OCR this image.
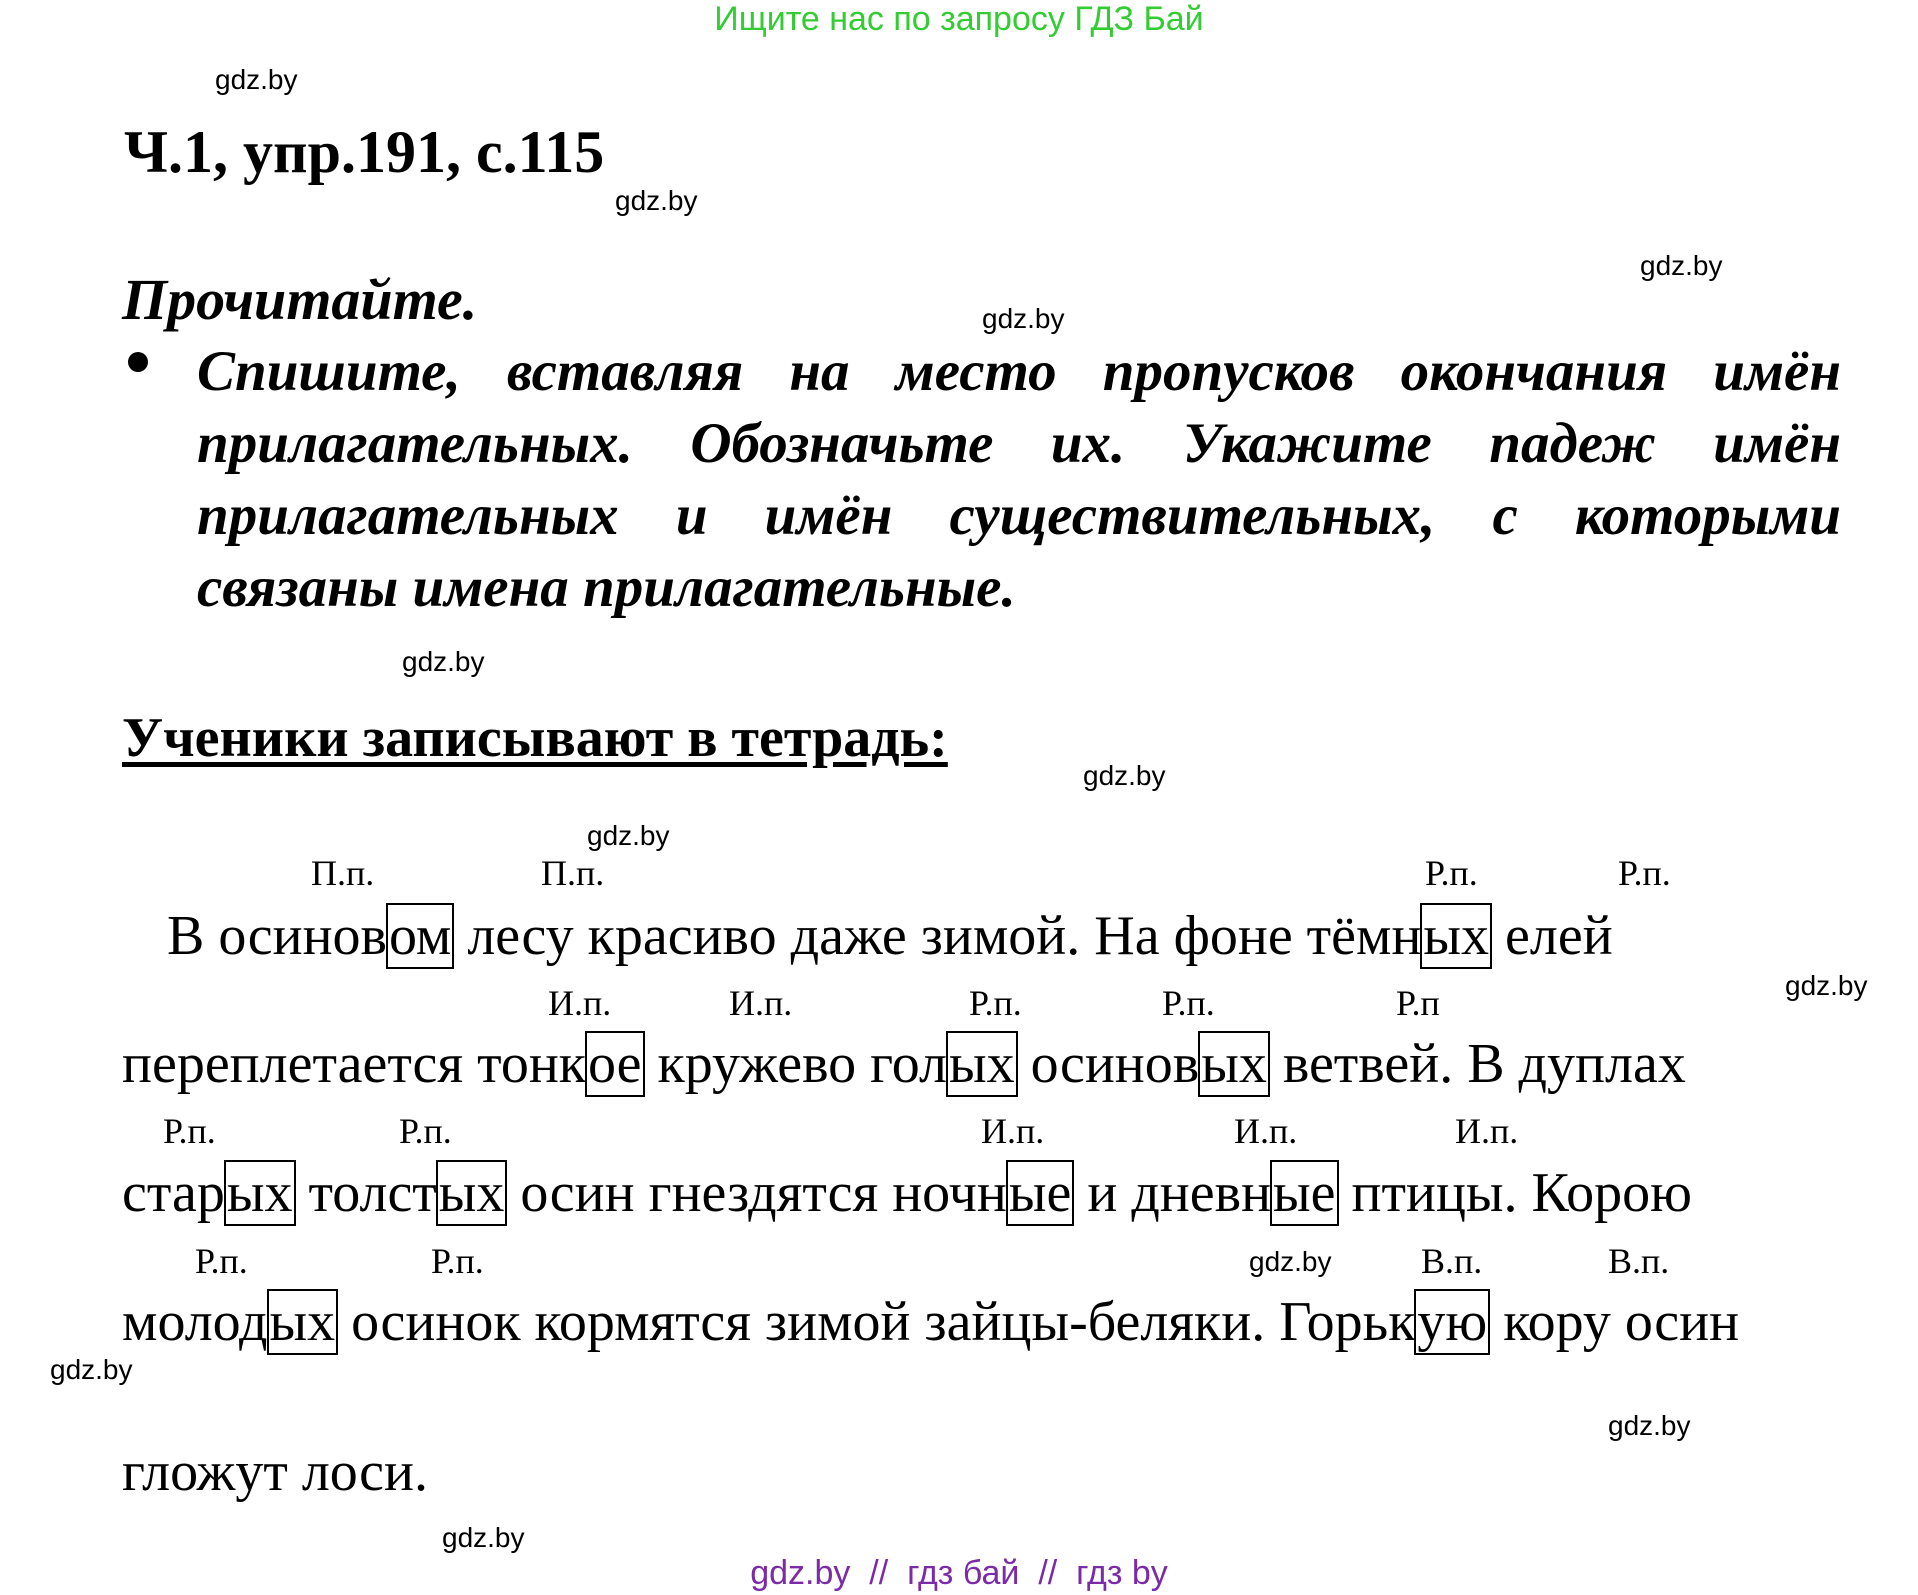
Ищите нас по запросу ГДЗ Бай
gdz.by
gdz.by
gdz.by
gdz.by
gdz.by
gdz.by
gdz.by
gdz.by
gdz.by
gdz.by
gdz.by
gdz.by
Ч.1, упр.191, с.115
Прочитайте.
Спишите, вставляя на место пропусков окончания имён прилагательных. Обозначьте их. Укажите падеж имён прилагательных и имён существительных, с которыми связаны имена прилагательные.
Ученики записывают в тетрадь:
П.п.	П.п.	Р.п.	Р.п.
В осиновом лесу красиво даже зимой. На фоне тёмных елей
И.п.	И.п.	Р.п.	Р.п.	Р.п
переплетается тонкое кружево голых осиновых ветвей. В дуплах
Р.п.	Р.п.	И.п.	И.п.	И.п.
старых толстых осин гнездятся ночные и дневные птицы. Корою
Р.п.	Р.п.	В.п.	В.п.
молодых осинок кормятся зимой зайцы-беляки. Горькую кору осин
гложут лоси.
gdz.by  //  гдз бай  //  гдз by
